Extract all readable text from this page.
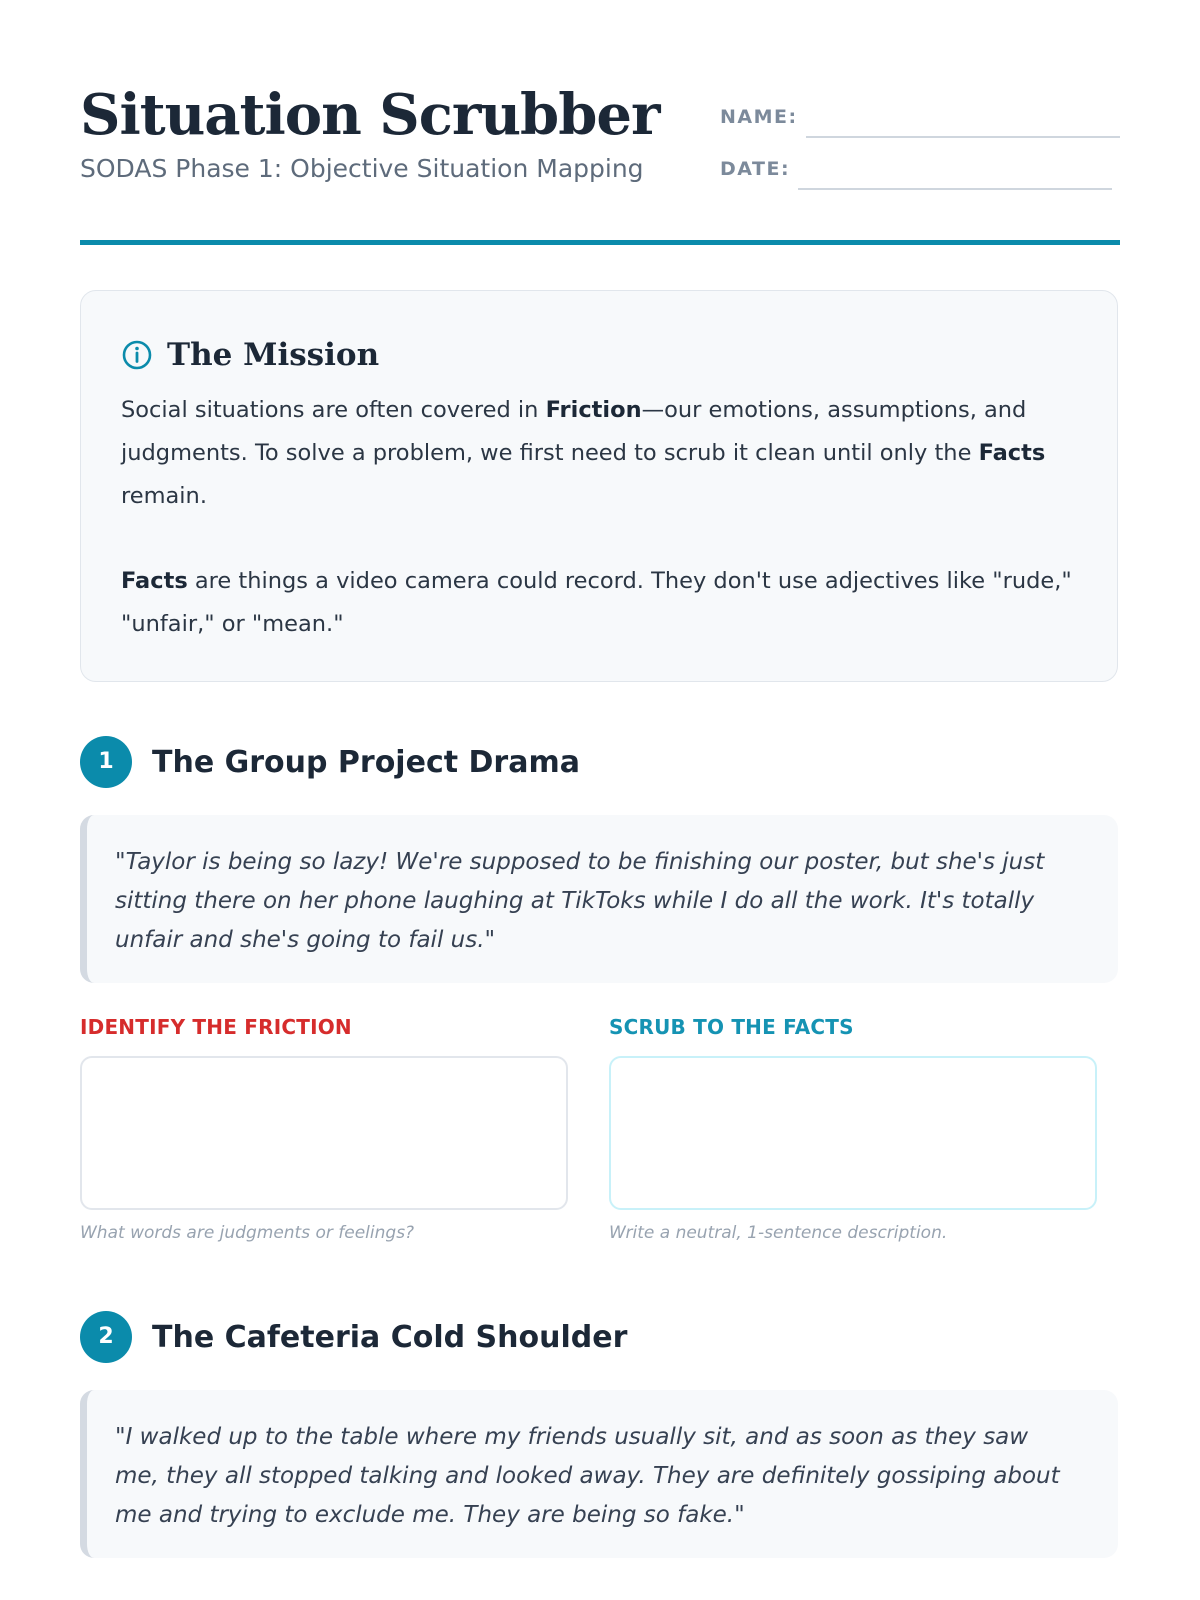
Situation Scrubber
SODAS Phase 1: Objective Situation Mapping
NAME:
DATE:
The Mission

Social situations are often covered in Friction—our emotions, assumptions, and judgments. To solve a problem, we first need to scrub it clean until only the Facts remain.

Facts are things a video camera could record. They don't use adjectives like "rude," "unfair," or "mean."

1	The Group Project Drama
"Taylor is being so lazy! We're supposed to be finishing our poster, but she's just sitting there on her phone laughing at TikToks while I do all the work. It's totally unfair and she's going to fail us."
IDENTIFY THE FRICTION	SCRUB TO THE FACTS
What words are judgments or feelings?	Write a neutral, 1-sentence description.
2	The Cafeteria Cold Shoulder
"I walked up to the table where my friends usually sit, and as soon as they saw me, they all stopped talking and looked away. They are definitely gossiping about me and trying to exclude me. They are being so fake."
